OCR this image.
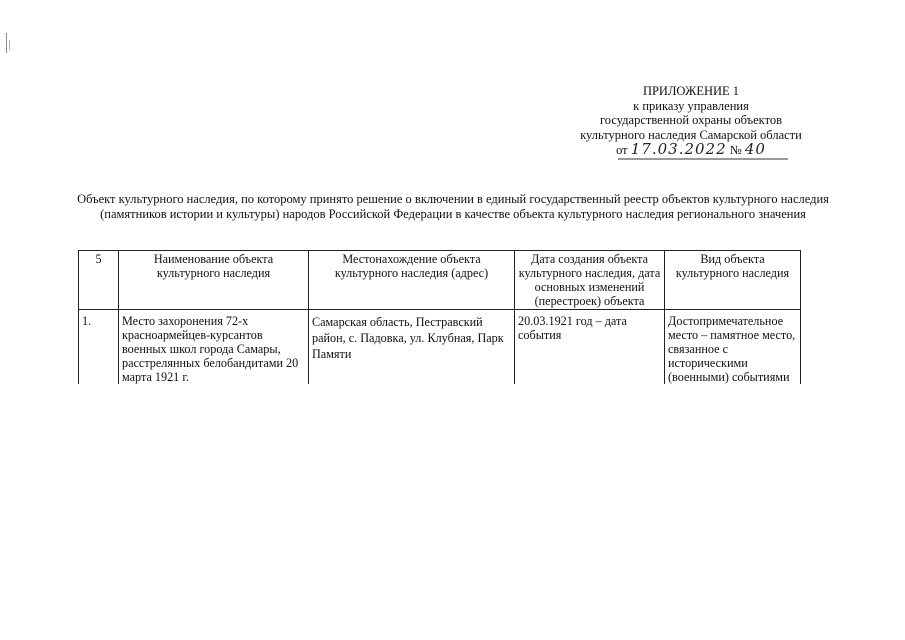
ПРИЛОЖЕНИЕ 1
к приказу управления
государственной охраны объектов
культурного наследия Самарской области
от 17.03.2022 № 40
Объект культурного наследия, по которому принято решение о включении в единый государственный реестр объектов культурного наследия (памятников истории и культуры) народов Российской Федерации в качестве объекта культурного наследия регионального значения
5	Наименование объекта культурного наследия	Местонахождение объекта культурного наследия (адрес)	Дата создания объекта культурного наследия, дата основных изменений (перестроек) объекта	Вид объекта культурного наследия
1.	Место захоронения 72-х красноармейцев-курсантов военных школ города Самары, расстрелянных белобандитами 20 марта 1921 г.	Самарская область, Пестравский район, с. Падовка, ул. Клубная, Парк Памяти	20.03.1921 год – дата события	Достопримечательное место – памятное место, связанное с историческими (военными) событиями
